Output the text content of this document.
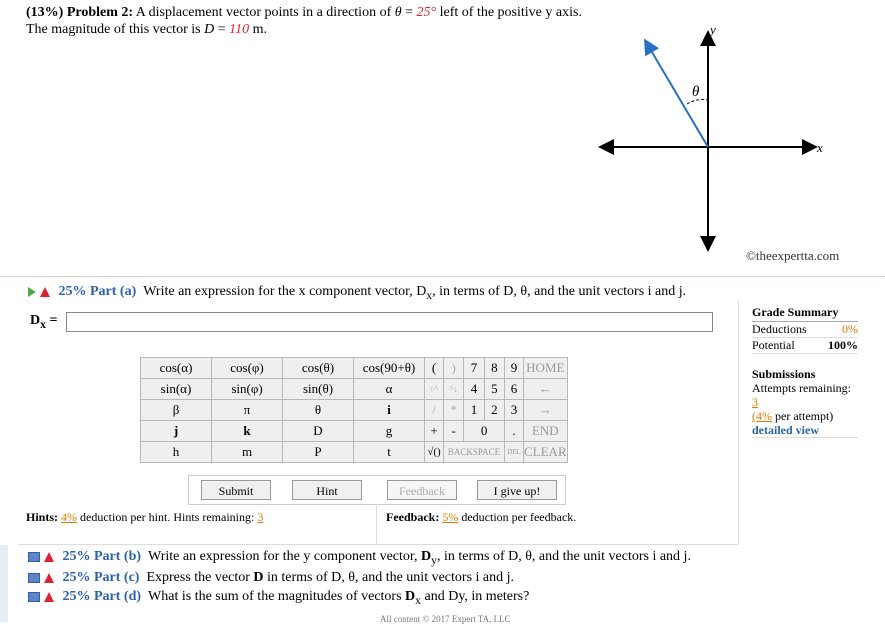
(13%) Problem 2: A displacement vector points in a direction of θ = 25° left of the positive y axis. The magnitude of this vector is D = 110 m.	y
x
θ
©theexpertta.com
25% Part (a) Write an expression for the x component vector, $D_x$, in terms of D, θ, and the unit vectors i and j.
$D_x$ =
cos(α)	cos(φ)	cos(θ)	cos(90+θ)	(	)	7	8	9	HOME
sin(α)	sin(φ)	sin(θ)	α	↑^	^↓	4	5	6	←
β	π	θ	i	/	*	1	2	3	→
j	k	D	g	+	-	0		.	END
h	m	P	t	√()	BACKSPACE			DEL	CLEAR
Submit	Hint	Feedback	I give up!
Hints: 4% deduction per hint. Hints remaining: 3	Feedback: 5% deduction per feedback.
Grade Summary
Deductions	0%
Potential	100%
Submissions
Attempts remaining: 3
(4% per attempt)
detailed view
25% Part (b) Write an expression for the y component vector, $D_y$, in terms of D, θ, and the unit vectors i and j.
25% Part (c) Express the vector D in terms of D, θ, and the unit vectors i and j.
25% Part (d) What is the sum of the magnitudes of vectors $D_x$ and Dy, in meters?
All content © 2017 Expert TA, LLC
